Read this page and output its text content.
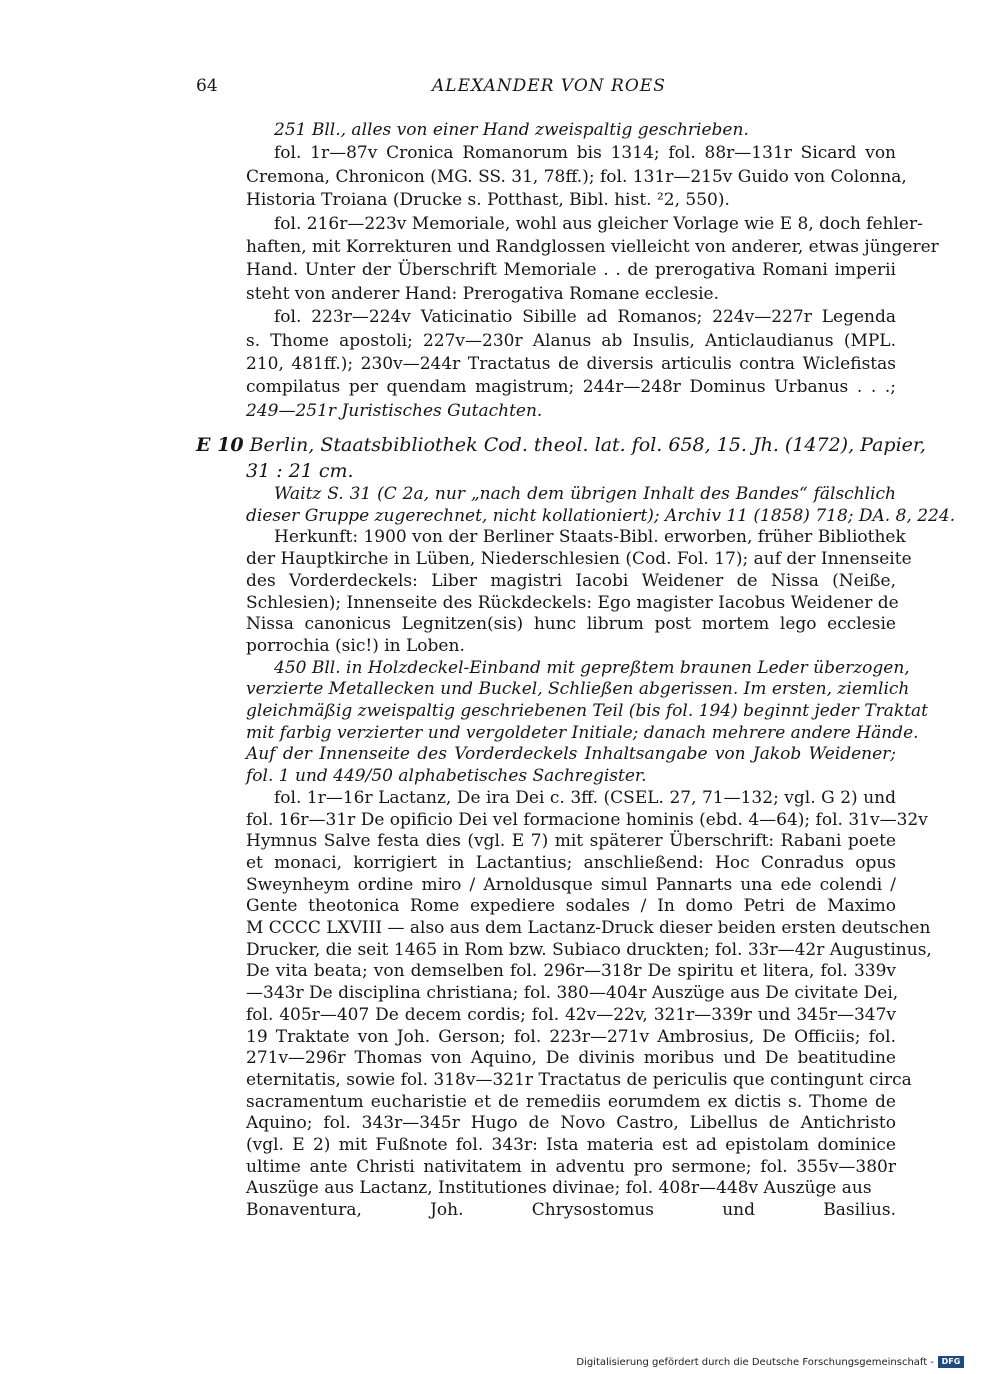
64	ALEXANDER VON ROES
251 Bll., alles von einer Hand zweispaltig geschrieben.
fol. 1r—87v Cronica Romanorum bis 1314; fol. 88r—131r Sicard von
Cremona, Chronicon (MG. SS. 31, 78ff.); fol. 131r—215v Guido von Colonna,
Historia Troiana (Drucke s. Potthast, Bibl. hist. ²2, 550).
fol. 216r—223v Memoriale, wohl aus gleicher Vorlage wie E 8, doch fehler-
haften, mit Korrekturen und Randglossen vielleicht von anderer, etwas jüngerer
Hand. Unter der Überschrift Memoriale . . de prerogativa Romani imperii
steht von anderer Hand: Prerogativa Romane ecclesie.
fol. 223r—224v Vaticinatio Sibille ad Romanos; 224v—227r Legenda
s. Thome apostoli; 227v—230r Alanus ab Insulis, Anticlaudianus (MPL.
210, 481ff.); 230v—244r Tractatus de diversis articulis contra Wiclefistas
compilatus per quendam magistrum; 244r—248r Dominus Urbanus . . .;
249—251r Juristisches Gutachten.
E 10 Berlin, Staatsbibliothek Cod. theol. lat. fol. 658, 15. Jh. (1472), Papier,
31 : 21 cm.
Waitz S. 31 (C 2a, nur „nach dem übrigen Inhalt des Bandes“ fälschlich
dieser Gruppe zugerechnet, nicht kollationiert); Archiv 11 (1858) 718; DA. 8, 224.
Herkunft: 1900 von der Berliner Staats-Bibl. erworben, früher Bibliothek
der Hauptkirche in Lüben, Niederschlesien (Cod. Fol. 17); auf der Innenseite
des Vorderdeckels: Liber magistri Iacobi Weidener de Nissa (Neiße,
Schlesien); Innenseite des Rückdeckels: Ego magister Iacobus Weidener de
Nissa canonicus Legnitzen(sis) hunc librum post mortem lego ecclesie
porrochia (sic!) in Loben.
450 Bll. in Holzdeckel-Einband mit gepreßtem braunen Leder überzogen,
verzierte Metallecken und Buckel, Schließen abgerissen. Im ersten, ziemlich
gleichmäßig zweispaltig geschriebenen Teil (bis fol. 194) beginnt jeder Traktat
mit farbig verzierter und vergoldeter Initiale; danach mehrere andere Hände.
Auf der Innenseite des Vorderdeckels Inhaltsangabe von Jakob Weidener;
fol. 1 und 449/50 alphabetisches Sachregister.
fol. 1r—16r Lactanz, De ira Dei c. 3ff. (CSEL. 27, 71—132; vgl. G 2) und
fol. 16r—31r De opificio Dei vel formacione hominis (ebd. 4—64); fol. 31v—32v
Hymnus Salve festa dies (vgl. E 7) mit späterer Überschrift: Rabani poete
et monaci, korrigiert in Lactantius; anschließend: Hoc Conradus opus
Sweynheym ordine miro / Arnoldusque simul Pannarts una ede colendi /
Gente theotonica Rome expediere sodales / In domo Petri de Maximo
M CCCC LXVIII — also aus dem Lactanz-Druck dieser beiden ersten deutschen
Drucker, die seit 1465 in Rom bzw. Subiaco druckten; fol. 33r—42r Augustinus,
De vita beata; von demselben fol. 296r—318r De spiritu et litera, fol. 339v
—343r De disciplina christiana; fol. 380—404r Auszüge aus De civitate Dei,
fol. 405r—407 De decem cordis; fol. 42v—22v, 321r—339r und 345r—347v
19 Traktate von Joh. Gerson; fol. 223r—271v Ambrosius, De Officiis; fol.
271v—296r Thomas von Aquino, De divinis moribus und De beatitudine
eternitatis, sowie fol. 318v—321r Tractatus de periculis que contingunt circa
sacramentum eucharistie et de remediis eorumdem ex dictis s. Thome de
Aquino; fol. 343r—345r Hugo de Novo Castro, Libellus de Antichristo
(vgl. E 2) mit Fußnote fol. 343r: Ista materia est ad epistolam dominice
ultime ante Christi nativitatem in adventu pro sermone; fol. 355v—380r
Auszüge aus Lactanz, Institutiones divinae; fol. 408r—448v Auszüge aus
Bonaventura, Joh. Chrysostomus und Basilius.
Digitalisierung gefördert durch die Deutsche Forschungsgemeinschaft - DFG
